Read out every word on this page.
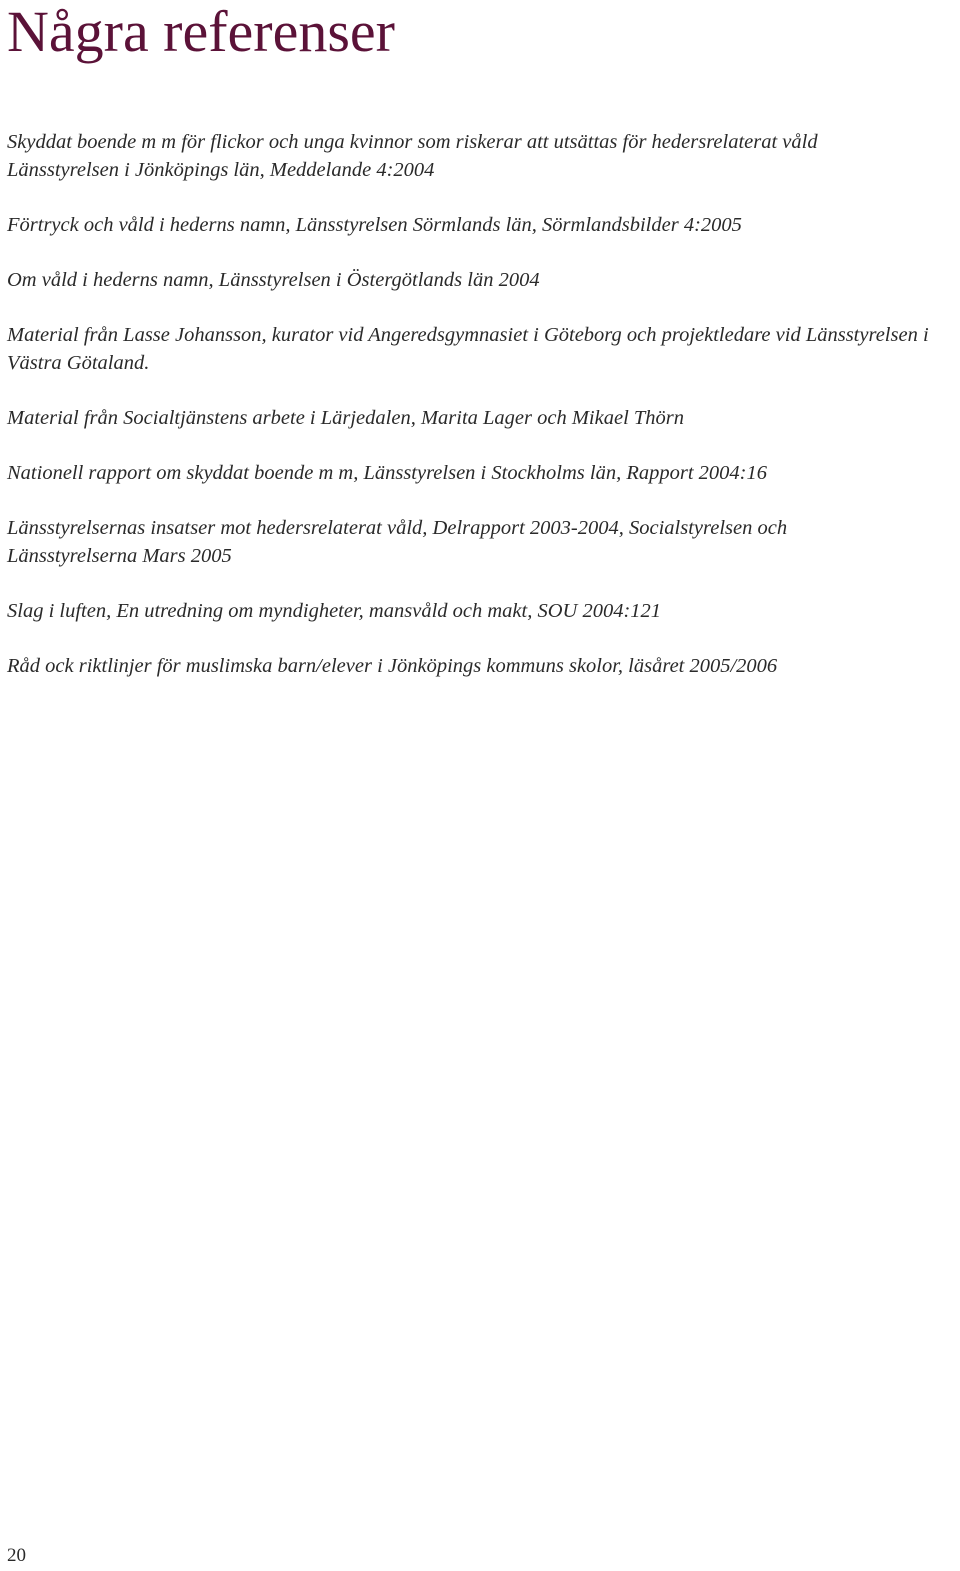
Några referenser
Skyddat boende m m för flickor och unga kvinnor som riskerar att utsättas för hedersrelaterat våld
Länsstyrelsen i Jönköpings län, Meddelande 4:2004
Förtryck och våld i hederns namn, Länsstyrelsen Sörmlands län, Sörmlandsbilder 4:2005
Om våld i hederns namn, Länsstyrelsen i Östergötlands län 2004
Material från Lasse Johansson, kurator vid Angeredsgymnasiet i Göteborg och projektledare vid Länsstyrelsen i Västra Götaland.
Material från Socialtjänstens arbete i Lärjedalen, Marita Lager och Mikael Thörn
Nationell rapport om skyddat boende m m, Länsstyrelsen i Stockholms län, Rapport 2004:16
Länsstyrelsernas insatser mot hedersrelaterat våld, Delrapport 2003-2004, Socialstyrelsen och
Länsstyrelserna Mars 2005
Slag i luften, En utredning om myndigheter, mansvåld och makt, SOU 2004:121
Råd ock riktlinjer för muslimska barn/elever i Jönköpings kommuns skolor, läsåret 2005/2006
20
